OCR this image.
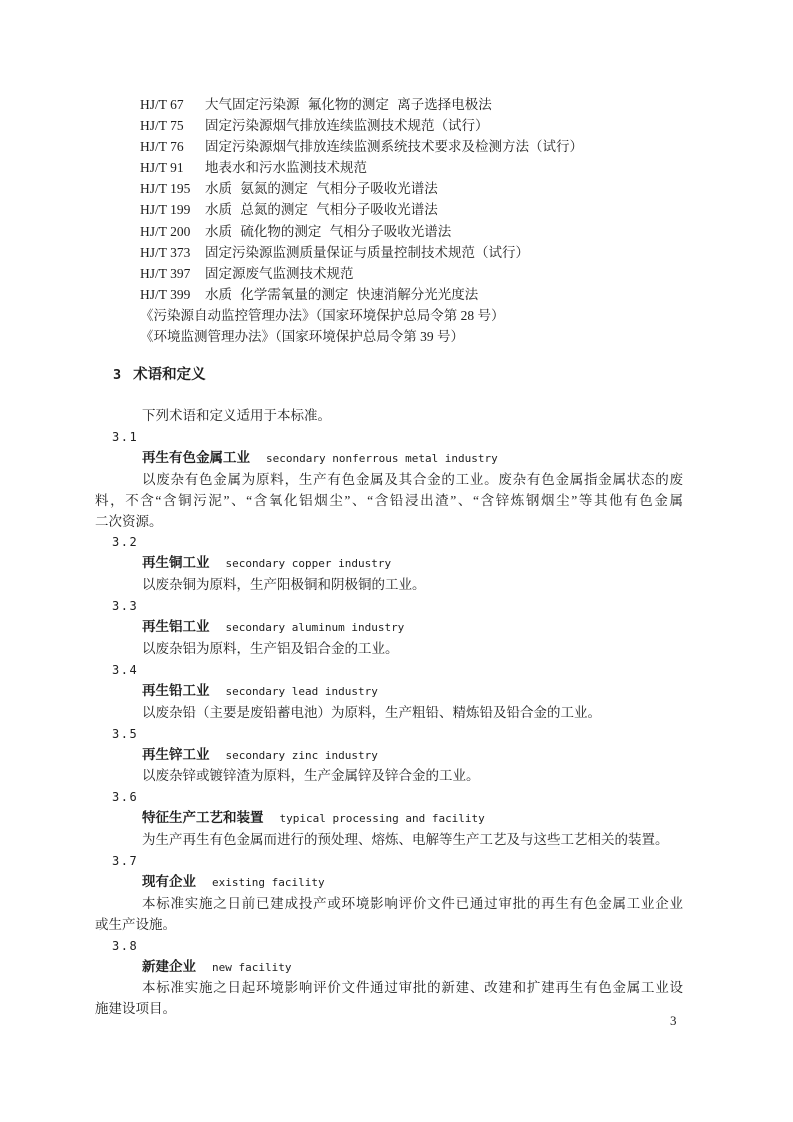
HJ/T 67 大气固定污染源 氟化物的测定 离子选择电极法
HJ/T 75 固定污染源烟气排放连续监测技术规范（试行）
HJ/T 76 固定污染源烟气排放连续监测系统技术要求及检测方法（试行）
HJ/T 91 地表水和污水监测技术规范
HJ/T 195 水质 氨氮的测定 气相分子吸收光谱法
HJ/T 199 水质 总氮的测定 气相分子吸收光谱法
HJ/T 200 水质 硫化物的测定 气相分子吸收光谱法
HJ/T 373 固定污染源监测质量保证与质量控制技术规范（试行）
HJ/T 397 固定源废气监测技术规范
HJ/T 399 水质 化学需氧量的测定 快速消解分光光度法
《污染源自动监控管理办法》（国家环境保护总局令第 28 号）
《环境监测管理办法》（国家环境保护总局令第 39 号）
3 术语和定义
下列术语和定义适用于本标准。
3.1
再生有色金属工业 secondary nonferrous metal industry
以废杂有色金属为原料，生产有色金属及其合金的工业。废杂有色金属指金属状态的废
料，不含“含铜污泥”、“含氧化铝烟尘”、“含铅浸出渣”、“含锌炼钢烟尘”等其他有色金属
二次资源。
3.2
再生铜工业 secondary copper industry
以废杂铜为原料，生产阳极铜和阴极铜的工业。
3.3
再生铝工业 secondary aluminum industry
以废杂铝为原料，生产铝及铝合金的工业。
3.4
再生铅工业 secondary lead industry
以废杂铅（主要是废铅蓄电池）为原料，生产粗铅、精炼铅及铅合金的工业。
3.5
再生锌工业 secondary zinc industry
以废杂锌或镀锌渣为原料，生产金属锌及锌合金的工业。
3.6
特征生产工艺和装置 typical processing and facility
为生产再生有色金属而进行的预处理、熔炼、电解等生产工艺及与这些工艺相关的装置。
3.7
现有企业 existing facility
本标准实施之日前已建成投产或环境影响评价文件已通过审批的再生有色金属工业企业
或生产设施。
3.8
新建企业 new facility
本标准实施之日起环境影响评价文件通过审批的新建、改建和扩建再生有色金属工业设
施建设项目。
3
